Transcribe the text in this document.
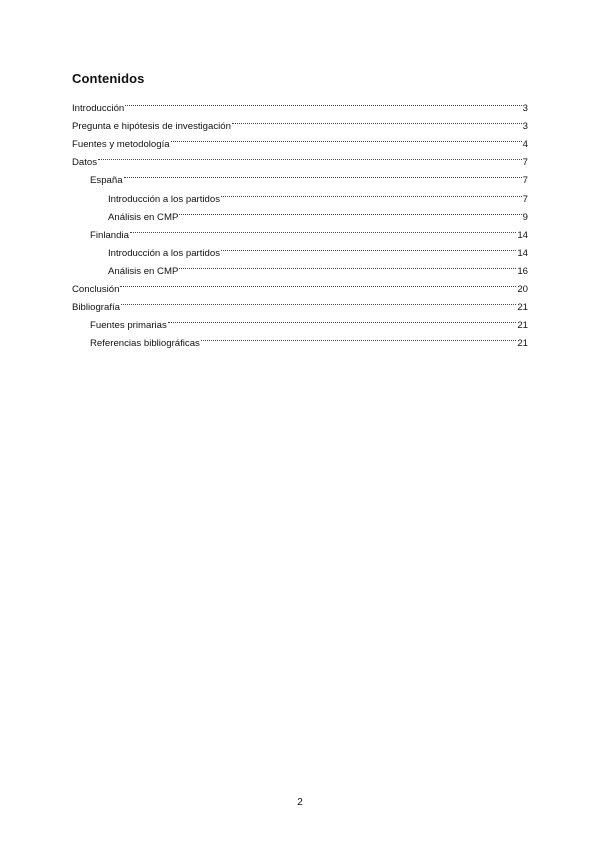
Contenidos
Introducción	3
Pregunta e hipótesis de investigación	3
Fuentes y metodología	4
Datos	7
España	7
Introducción a los partidos	7
Análisis en CMP	9
Finlandia	14
Introducción a los partidos	14
Análisis en CMP	16
Conclusión	20
Bibliografía	21
Fuentes primarias	21
Referencias bibliográficas	21
2
